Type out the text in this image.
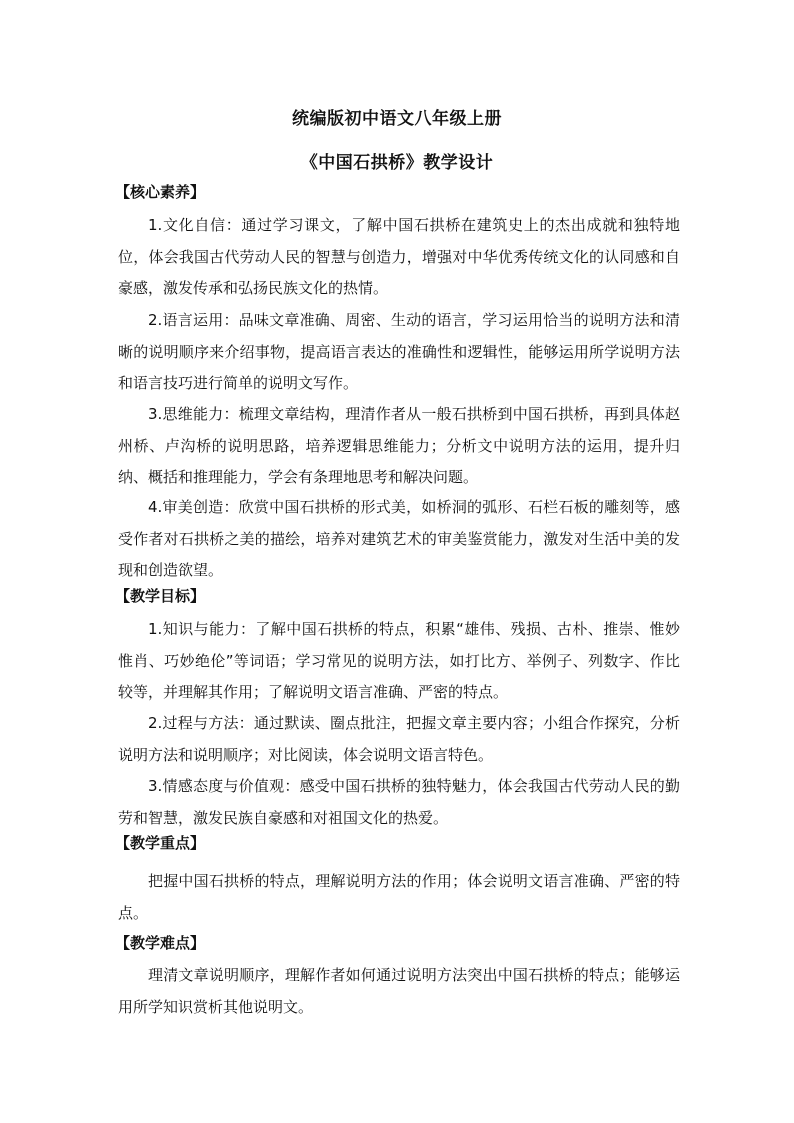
统编版初中语文八年级上册
《中国石拱桥》教学设计
【核心素养】

1.文化自信：通过学习课文，了解中国石拱桥在建筑史上的杰出成就和独特地位，体会我国古代劳动人民的智慧与创造力，增强对中华优秀传统文化的认同感和自豪感，激发传承和弘扬民族文化的热情。

2.语言运用：品味文章准确、周密、生动的语言，学习运用恰当的说明方法和清晰的说明顺序来介绍事物，提高语言表达的准确性和逻辑性，能够运用所学说明方法和语言技巧进行简单的说明文写作。

3.思维能力：梳理文章结构，理清作者从一般石拱桥到中国石拱桥，再到具体赵州桥、卢沟桥的说明思路，培养逻辑思维能力；分析文中说明方法的运用，提升归纳、概括和推理能力，学会有条理地思考和解决问题。

4.审美创造：欣赏中国石拱桥的形式美，如桥洞的弧形、石栏石板的雕刻等，感受作者对石拱桥之美的描绘，培养对建筑艺术的审美鉴赏能力，激发对生活中美的发现和创造欲望。

【教学目标】

1.知识与能力：了解中国石拱桥的特点，积累“雄伟、残损、古朴、推崇、惟妙惟肖、巧妙绝伦”等词语；学习常见的说明方法，如打比方、举例子、列数字、作比较等，并理解其作用；了解说明文语言准确、严密的特点。

2.过程与方法：通过默读、圈点批注，把握文章主要内容；小组合作探究，分析说明方法和说明顺序；对比阅读，体会说明文语言特色。

3.情感态度与价值观：感受中国石拱桥的独特魅力，体会我国古代劳动人民的勤劳和智慧，激发民族自豪感和对祖国文化的热爱。

【教学重点】

把握中国石拱桥的特点，理解说明方法的作用；体会说明文语言准确、严密的特点。

【教学难点】

理清文章说明顺序，理解作者如何通过说明方法突出中国石拱桥的特点；能够运用所学知识赏析其他说明文。
